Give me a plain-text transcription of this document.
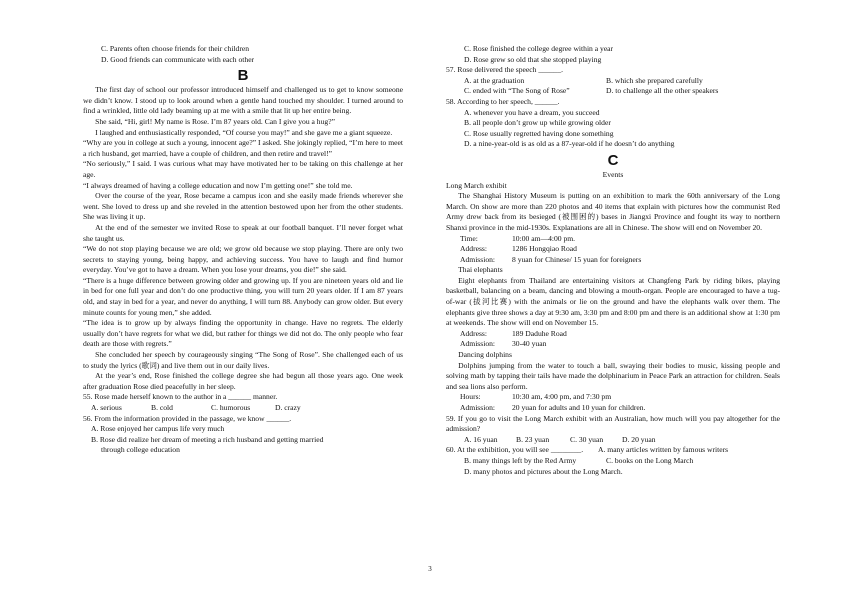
C. Parents often choose friends for their children

D. Good friends can communicate with each other

B

The first day of school our professor introduced himself and challenged us to get to know someone we didn’t know. I stood up to look around when a gentle hand touched my shoulder. I turned around to find a wrinkled, little old lady beaming up at me with a smile that lit up her entire being.

She said, “Hi, girl! My name is Rose. I’m 87 years old. Can I give you a hug?”

I laughed and enthusiastically responded, “Of course you may!” and she gave me a giant squeeze.

“Why are you in college at such a young, innocent age?” I asked. She jokingly replied, “I’m here to meet a rich husband, get married, have a couple of children, and then retire and travel!”

“No seriously,” I said. I was curious what may have motivated her to be taking on this challenge at her age.

“I always dreamed of having a college education and now I’m getting one!” she told me.

Over the course of the year, Rose became a campus icon and she easily made friends wherever she went. She loved to dress up and she reveled in the attention bestowed upon her from the other students. She was living it up.

At the end of the semester we invited Rose to speak at our football banquet. I’ll never forget what she taught us.

“We do not stop playing because we are old; we grow old because we stop playing. There are only two secrets to staying young, being happy, and achieving success. You have to laugh and find humor everyday. You’ve got to have a dream. When you lose your dreams, you die!” she said.

“There is a huge difference between growing older and growing up. If you are nineteen years old and lie in bed for one full year and don’t do one productive thing, you will turn 20 years older. If I am 87 years old, and stay in bed for a year, and never do anything, I will turn 88. Anybody can grow older. But every minute counts for young men,” she added.

“The idea is to grow up by always finding the opportunity in change. Have no regrets. The elderly usually don’t have regrets for what we did, but rather for things we did not do. The only people who fear death are those with regrets.”

She concluded her speech by courageously singing “The Song of Rose”. She challenged each of us to study the lyrics (歌词) and live them out in our daily lives.

At the year’s end, Rose finished the college degree she had begun all those years ago. One week after graduation Rose died peacefully in her sleep.

55. Rose made herself known to the author in a ______ manner.

A. serious	B. cold	C. humorous	D. crazy

56. From the information provided in the passage, we know ______.

A. Rose enjoyed her campus life very much

B. Rose did realize her dream of meeting a rich husband and getting married

through college education

C. Rose finished the college degree within a year

D. Rose grew so old that she stopped playing

57. Rose delivered the speech ______.

A. at the graduation	B. which she prepared carefully
C. ended with “The Song of Rose”	D. to challenge all the other speakers

58. According to her speech, ______.

A. whenever you have a dream, you succeed

B. all people don’t grow up while growing older

C. Rose usually regretted having done something

D. a nine-year-old is as old as a 87-year-old if he doesn’t do anything

C
Events

Long March exhibit

The Shanghai History Museum is putting on an exhibition to mark the 60th anniversary of the Long March. On show are more than 220 photos and 40 items that explain with pictures how the communist Red Army drew back from its besieged (被围困的) bases in Jiangxi Province and fought its way to northern Shanxi province in the mid-1930s. Explanations are all in Chinese. The show will end on November 20.

Time:	10:00 am—4:00 pm.
Address:	1286 Hongqiao Road
Admission:	8 yuan for Chinese/ 15 yuan for foreigners

Thai elephants

Eight elephants from Thailand are entertaining visitors at Changfeng Park by riding bikes, playing basketball, balancing on a beam, dancing and blowing a mouth-organ. People are encouraged to have a tug-of-war (拔河比赛) with the animals or lie on the ground and have the elephants walk over them. The elephants give three shows a day at 9:30 am, 3:30 pm and 8:00 pm and there is an additional show at 1:30 pm at weekends. The show will end on November 15.

Address:	189 Daduhe Road
Admission:	30-40 yuan

Dancing dolphins

Dolphins jumping from the water to touch a ball, swaying their bodies to music, kissing people and solving math by tapping their tails have made the dolphinarium in Peace Park an attraction for children. Seals and sea lions also perform.

Hours:	10:30 am, 4:00 pm, and 7:30 pm
Admission:	20 yuan for adults and 10 yuan for children.

59. If you go to visit the Long March exhibit with an Australian, how much will you pay altogether for the admission?

A. 16 yuan	B. 23 yuan	C. 30 yuan	D. 20 yuan
60. At the exhibition, you will see ________.	A. many articles written by famous writers
B. many things left by the Red Army	C. books on the Long March

D. many photos and pictures about the Long March.

3
